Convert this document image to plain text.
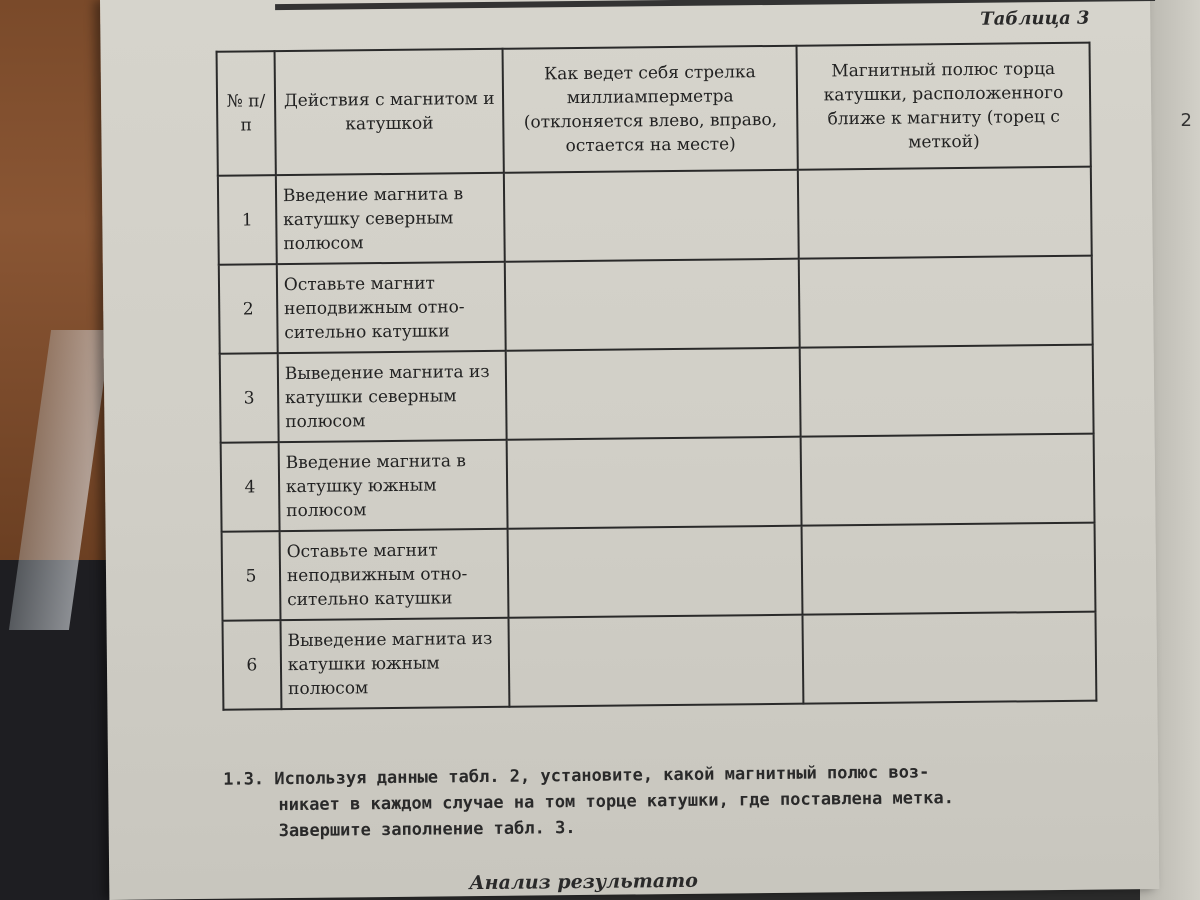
2
Таблица 3
№ п/п	Действия с магнитом и катушкой	Как ведет себя стрелка миллиамперметра (отклоняется влево, вправо, остается на месте)	Магнитный полюс торца катушки, расположенного ближе к магниту (торец с меткой)
1	Введение магнита в катушку северным полюсом		
2	Оставьте магнит неподвижным относительно катушки		
3	Выведение магнита из катушки северным полюсом		
4	Введение магнита в катушку южным полюсом		
5	Оставьте магнит неподвижным относительно катушки		
6	Выведение магнита из катушки южным полюсом		
1.3. Используя данные табл. 2, установите, какой магнитный полюс воз-
никает в каждом случае на том торце катушки, где поставлена метка.
Завершите заполнение табл. 3.
Анализ результато
